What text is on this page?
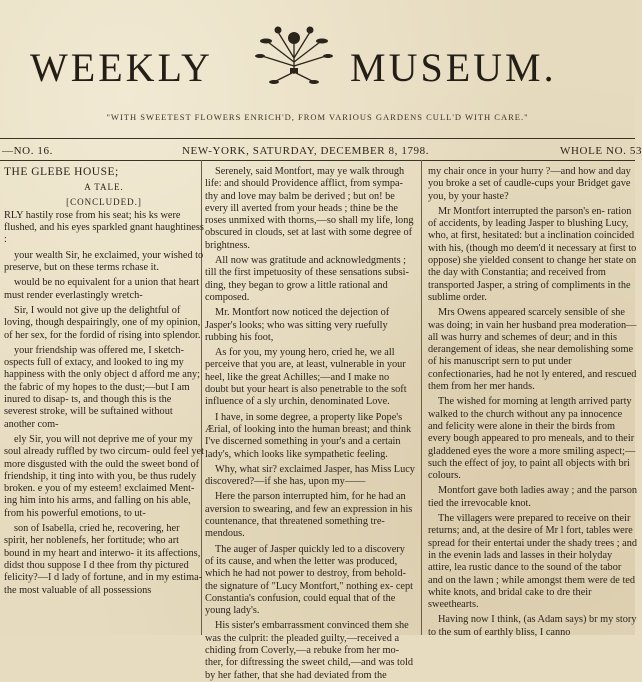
WEEKLY	MUSEUM.
"WITH SWEETEST FLOWERS ENRICH'D, FROM VARIOUS GARDENS CULL'D WITH CARE."
—NO. 16.	NEW-YORK, SATURDAY, DECEMBER 8, 1798.	WHOLE NO. 53
THE GLEBE HOUSE;
A TALE.
[CONCLUDED.]

RLY hastily rose from his seat; his ks were flushed, and his eyes sparkled gnant haughtiness :

your wealth Sir, he exclaimed, your wished to preserve, but on these terms rchase it.

would be no equivalent for a union that heart must render everlastingly wretch-

Sir, I would not give up the delightful of loving, though despairingly, one of my opinion, of her sex, for the fordid of rising into splendor.

your friendship was offered me, I sketch- ospects full of extacy, and looked to ing my happiness with the only object d afford me any; the fabric of my hopes to the dust;—but I am inured to disap- ts, and though this is the severest stroke, will be suftained without another com-

ely Sir, you will not deprive me of your my soul already ruffled by two circum- ould feel yet more disgusted with the ould the sweet bond of friendship, it ting into with you, be thus rudely broken. e you of my esteem! exclaimed Ment- ing him into his arms, and falling on his able, from his powerful emotions, to ut-

son of Isabella, cried he, recovering, her spirit, her noblenefs, her fortitude; who art bound in my heart and interwo- it its affections, didst thou suppose I d thee from thy pictured felicity?—I d lady of fortune, and in my estima- the most valuable of all possessions

Serenely, said Montfort, may ye walk through life: and should Providence afflict, from sympa- thy and love may balm be derived ; but on! be every ill averted from your heads ; thine be the roses unmixed with thorns,—so shall my life, long obscured in clouds, set at last with some degree of brightness.

All now was gratitude and acknowledgments ; till the first impetuosity of these sensations subsi- ding, they began to grow a little rational and composed.

Mr. Montfort now noticed the dejection of Jasper's looks; who was sitting very ruefully rubbing his foot,

As for you, my young hero, cried he, we all perceive that you are, at least, vulnerable in your heel, like the great Achilles;—and I make no doubt but your heart is also penetrable to the soft influence of a sly urchin, denominated Love.

I have, in some degree, a property like Pope's Ærial, of looking into the human breast; and think I've discerned something in your's and a certain lady's, which looks like sympathetic feeling.

Why, what sir? exclaimed Jasper, has Miss Lucy discovered?—if she has, upon my——

Here the parson interrupted him, for he had an aversion to swearing, and few an expression in his countenance, that threatened something tre- mendous.

The auger of Jasper quickly led to a discovery of its cause, and when the letter was produced, which he had not power to destroy, from behold- the signature of "Lucy Montfort," nothing ex- cept Constantia's confusion, could equal that of the young lady's.

His sister's embarrassment convinced them she was the culprit: the pleaded guilty,—received a chiding from Coverly,—a rebuke from her mo- ther, for diftressing the sweet child,—and was told by her father, that she had deviated from the

my chair once in your hurry ?—and how and day you broke a set of caudle-cups your Bridget gave you, by your haste?

Mr Montfort interrupted the parson's en- ration of accidents, by leading Jasper to blushing Lucy, who, at first, hesitated: but a inclination coincided with his, (though mo deem'd it necessary at first to oppose) she yielded consent to change her state on the day with Constantia; and received from transported Jasper, a string of compliments in the sublime order.

Mrs Owens appeared scarcely sensible of she was doing; in vain her husband prea moderation—all was hurry and schemes of deur; and in this derangement of ideas, she near demolishing some of his manuscript sern to put under confectionaries, had he not ly entered, and rescued them from her mer hands.

The wished for morning at length arrived party walked to the church without any pa innocence and felicity were alone in their the birds from every bough appeared to pro meneals, and to their gladdened eyes the wore a more smiling aspect;—such the effect of joy, to paint all objects with bri colours.

Montfort gave both ladies away ; and the parson tied the irrevocable knot.

The villagers were prepared to receive on their returns; and, at the desire of Mr l fort, tables were spread for their entertai under the shady trees ; and in the evenin lads and lasses in their holyday attire, lea rustic dance to the sound of the tabor and on the lawn ; while amongst them were de ted white knots, and bridal cake to dre their sweethearts.

Having now I think, (as Adam says) br my story to the sum of earthly bliss, I canno
